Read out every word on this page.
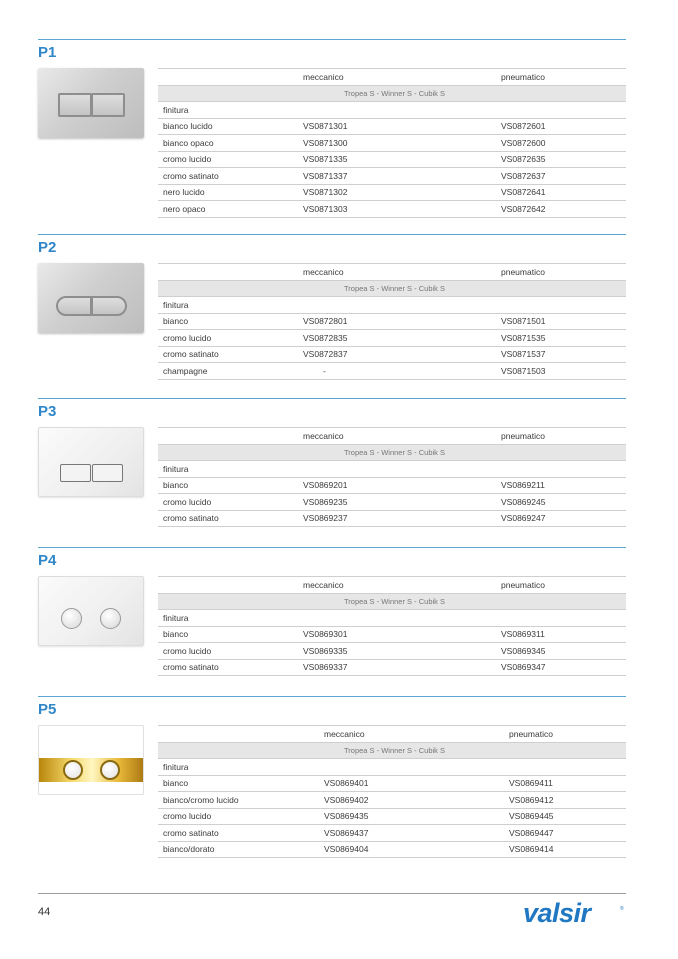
P1
	meccanico	pneumatico
Tropea S - Winner S - Cubik S		
finitura		
bianco lucido	VS0871301	VS0872601
bianco opaco	VS0871300	VS0872600
cromo lucido	VS0871335	VS0872635
cromo satinato	VS0871337	VS0872637
nero lucido	VS0871302	VS0872641
nero opaco	VS0871303	VS0872642
P2
	meccanico	pneumatico
Tropea S - Winner S - Cubik S		
finitura		
bianco	VS0872801	VS0871501
cromo lucido	VS0872835	VS0871535
cromo satinato	VS0872837	VS0871537
champagne	-	VS0871503
P3
	meccanico	pneumatico
Tropea S - Winner S - Cubik S		
finitura		
bianco	VS0869201	VS0869211
cromo lucido	VS0869235	VS0869245
cromo satinato	VS0869237	VS0869247
P4
	meccanico	pneumatico
Tropea S - Winner S - Cubik S		
finitura		
bianco	VS0869301	VS0869311
cromo lucido	VS0869335	VS0869345
cromo satinato	VS0869337	VS0869347
P5
	meccanico	pneumatico
Tropea S - Winner S - Cubik S		
finitura		
bianco	VS0869401	VS0869411
bianco/cromo lucido	VS0869402	VS0869412
cromo lucido	VS0869435	VS0869445
cromo satinato	VS0869437	VS0869447
bianco/dorato	VS0869404	VS0869414
44	valsir	®
